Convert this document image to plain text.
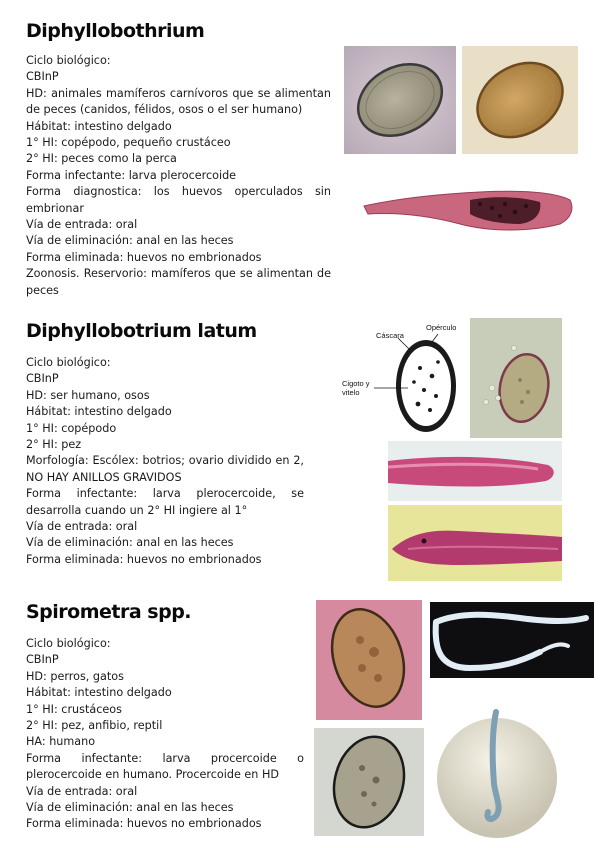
Diphyllobothrium
Ciclo biológico:
CBInP
HD: animales mamíferos carnívoros que se alimentan de peces (canidos, félidos, osos o el ser humano)
Hábitat: intestino delgado
1° HI: copépodo, pequeño crustáceo
2° HI: peces como la perca
Forma infectante: larva plerocercoide
Forma diagnostica: los huevos operculados sin embrionar
Vía de entrada: oral
Vía de eliminación: anal en las heces
Forma eliminada: huevos no embrionados
Zoonosis. Reservorio: mamíferos que se alimentan de peces
Diphyllobotrium latum
Ciclo biológico:
CBInP
HD: ser humano, osos
Hábitat: intestino delgado
1° HI: copépodo
2° HI: pez
Morfología: Escólex: botrios; ovario dividido en 2, NO HAY ANILLOS GRAVIDOS
Forma infectante: larva plerocercoide, se desarrolla cuando un 2° HI ingiere al 1°
Vía de entrada: oral
Vía de eliminación: anal en las heces
Forma eliminada: huevos no embrionados
Cáscara
Opérculo
Cigoto y
vitelo
Spirometra spp.
Ciclo biológico:
CBInP
HD: perros, gatos
Hábitat: intestino delgado
1° HI: crustáceos
2° HI: pez, anfibio, reptil
HA: humano
Forma infectante: larva procercoide o plerocercoide en humano. Procercoide en HD
Vía de entrada: oral
Vía de eliminación: anal en las heces
Forma eliminada: huevos no embrionados
